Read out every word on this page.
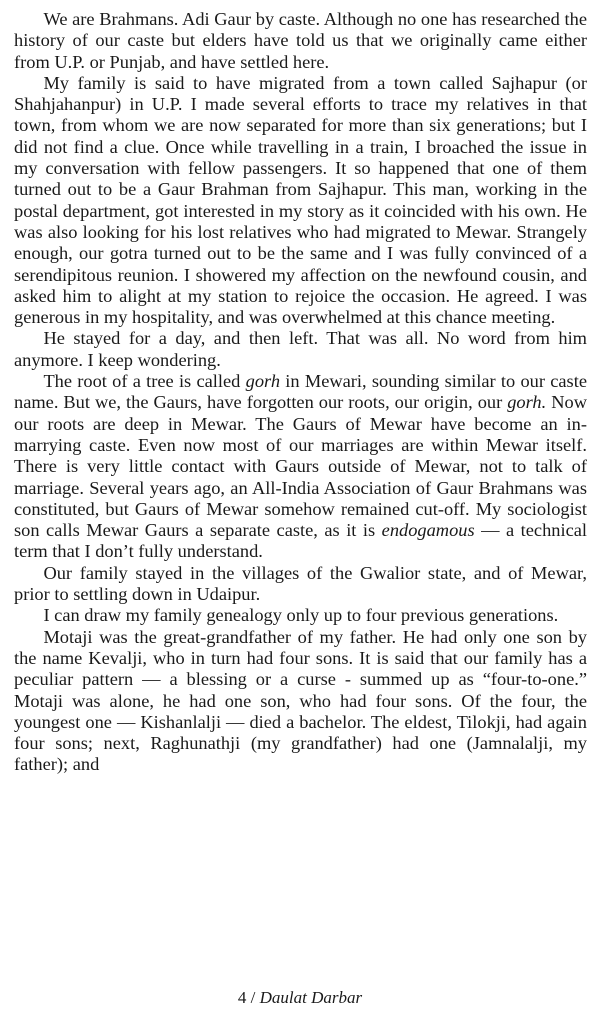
We are Brahmans. Adi Gaur by caste. Although no one has researched the history of our caste but elders have told us that we originally came either from U.P. or Punjab, and have settled here.

My family is said to have migrated from a town called Sajhapur (or Shahjahanpur) in U.P. I made several efforts to trace my relatives in that town, from whom we are now separated for more than six generations; but I did not find a clue. Once while travelling in a train, I broached the issue in my conversation with fellow passengers. It so happened that one of them turned out to be a Gaur Brahman from Sajhapur. This man, working in the postal department, got interested in my story as it coincided with his own. He was also looking for his lost relatives who had migrated to Mewar. Strangely enough, our gotra turned out to be the same and I was fully convinced of a serendipitous reunion. I showered my affection on the newfound cousin, and asked him to alight at my station to rejoice the occasion. He agreed. I was generous in my hospitality, and was overwhelmed at this chance meeting.

He stayed for a day, and then left. That was all. No word from him anymore. I keep wondering.

The root of a tree is called gorh in Mewari, sounding similar to our caste name. But we, the Gaurs, have forgotten our roots, our origin, our gorh. Now our roots are deep in Mewar. The Gaurs of Mewar have become an in-marrying caste. Even now most of our marriages are within Mewar itself. There is very little contact with Gaurs outside of Mewar, not to talk of marriage. Several years ago, an All-India Association of Gaur Brahmans was constituted, but Gaurs of Mewar somehow remained cut-off. My sociologist son calls Mewar Gaurs a separate caste, as it is endogamous — a technical term that I don’t fully understand.

Our family stayed in the villages of the Gwalior state, and of Mewar, prior to settling down in Udaipur.

I can draw my family genealogy only up to four previous generations.

Motaji was the great-grandfather of my father. He had only one son by the name Kevalji, who in turn had four sons. It is said that our family has a peculiar pattern — a blessing or a curse - summed up as “four-to-one.” Motaji was alone, he had one son, who had four sons. Of the four, the youngest one — Kishanlalji — died a bachelor. The eldest, Tilokji, had again four sons; next, Raghunathji (my grandfather) had one (Jamnalalji, my father); and

4 / Daulat Darbar
